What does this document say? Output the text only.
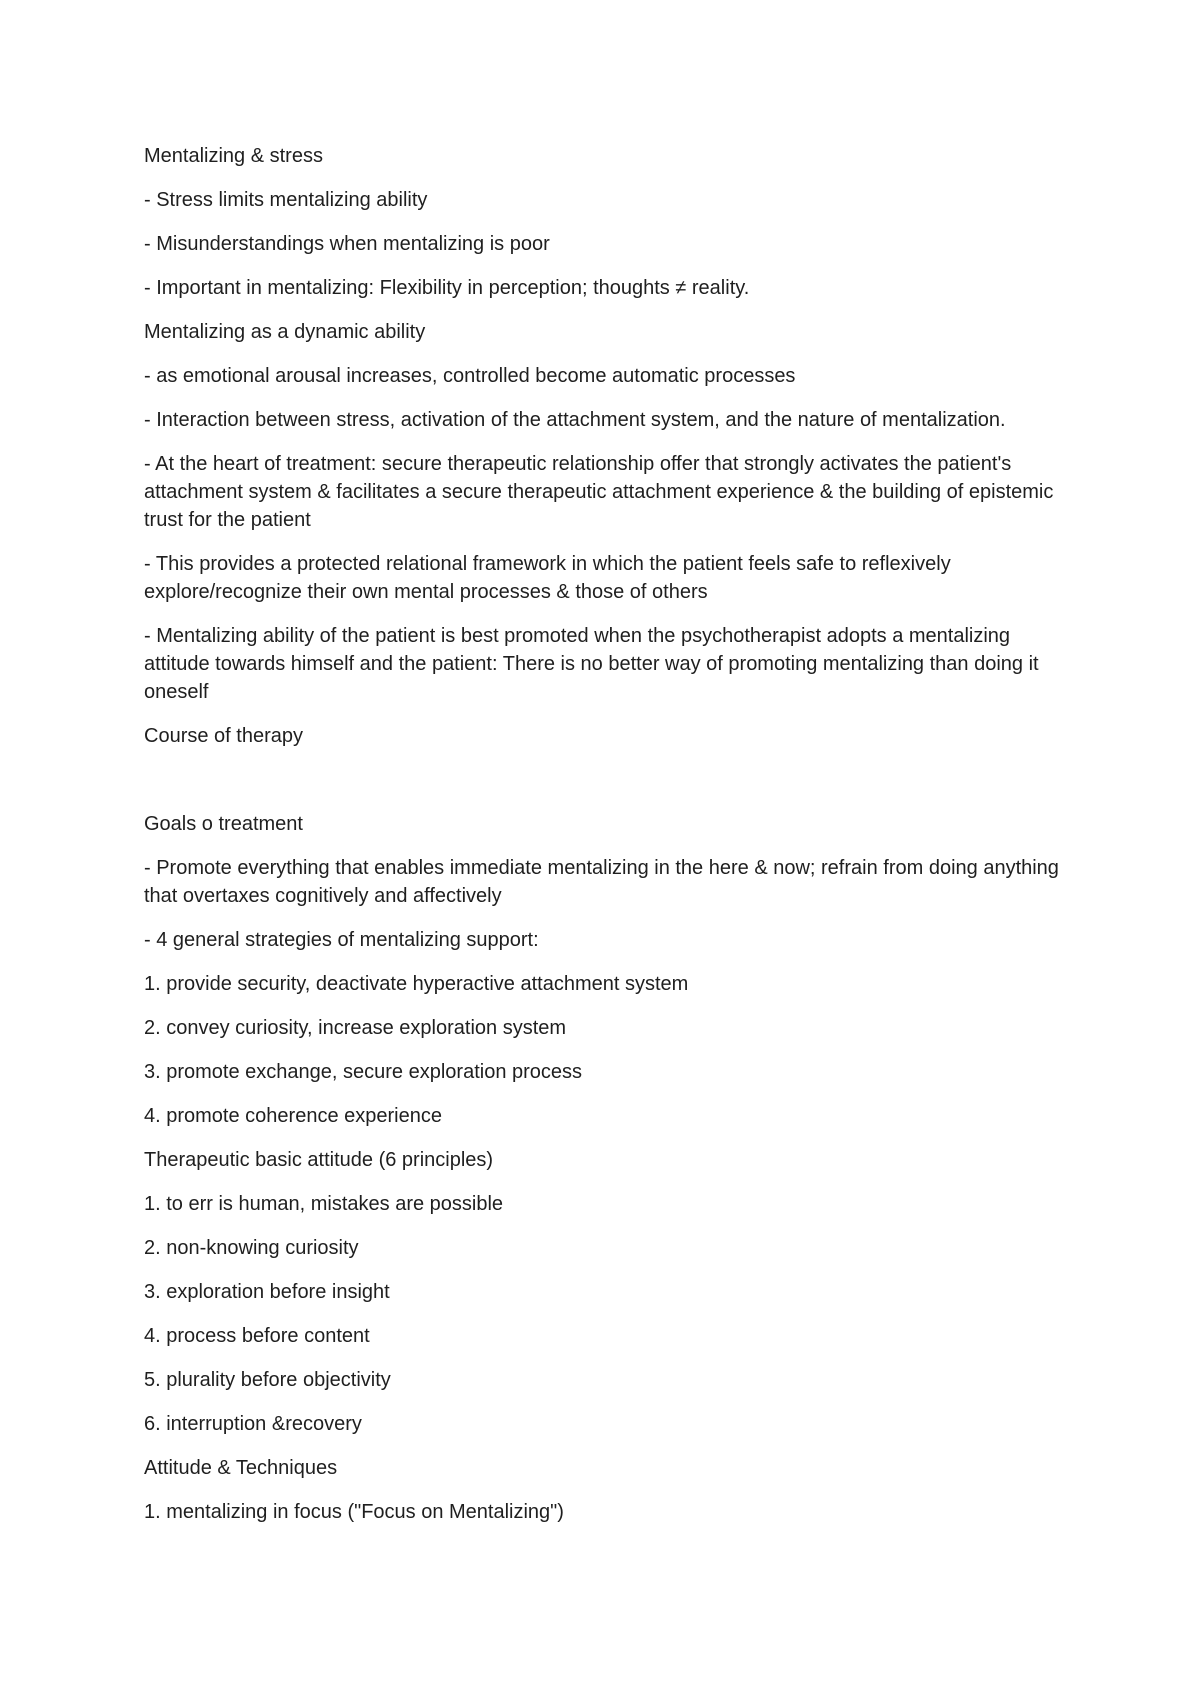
Mentalizing & stress

- Stress limits mentalizing ability

- Misunderstandings when mentalizing is poor

- Important in mentalizing: Flexibility in perception; thoughts ≠ reality.

Mentalizing as a dynamic ability

- as emotional arousal increases, controlled become automatic processes

- Interaction between stress, activation of the attachment system, and the nature of mentalization.

- At the heart of treatment: secure therapeutic relationship offer that strongly activates the patient's attachment system & facilitates a secure therapeutic attachment experience & the building of epistemic trust for the patient

- This provides a protected relational framework in which the patient feels safe to reflexively explore/recognize their own mental processes & those of others

- Mentalizing ability of the patient is best promoted when the psychotherapist adopts a mentalizing attitude towards himself and the patient: There is no better way of promoting mentalizing than doing it oneself

Course of therapy

Goals o treatment

- Promote everything that enables immediate mentalizing in the here & now; refrain from doing anything that overtaxes cognitively and affectively

- 4 general strategies of mentalizing support:

1. provide security, deactivate hyperactive attachment system

2. convey curiosity, increase exploration system

3. promote exchange, secure exploration process

4. promote coherence experience

Therapeutic basic attitude (6 principles)

1. to err is human, mistakes are possible

2. non-knowing curiosity

3. exploration before insight

4. process before content

5. plurality before objectivity

6. interruption &recovery

Attitude & Techniques

1. mentalizing in focus ("Focus on Mentalizing")
